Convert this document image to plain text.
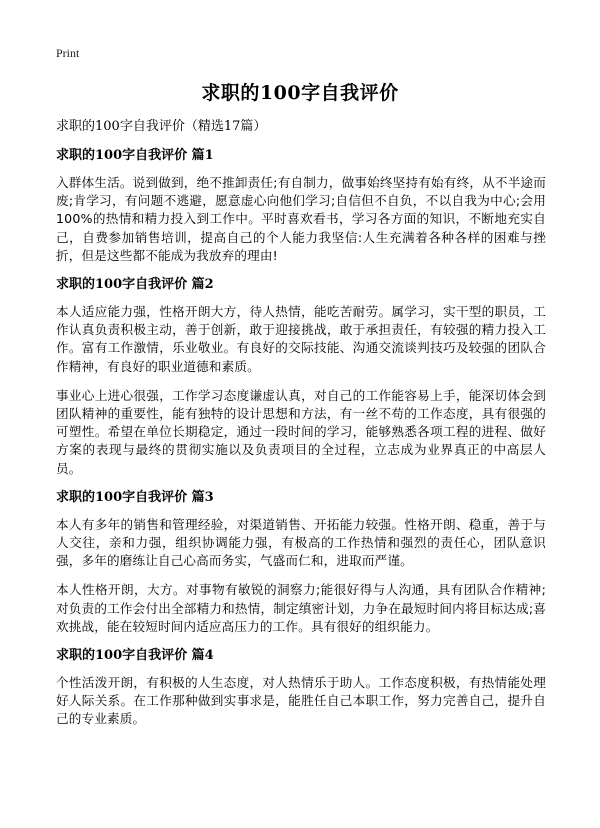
Print
求职的100字自我评价
求职的100字自我评价（精选17篇）
求职的100字自我评价 篇1

入群体生活。说到做到，绝不推卸责任;有自制力，做事始终坚持有始有终，从不半途而废;肯学习，有问题不逃避，愿意虚心向他们学习;自信但不自负，不以自我为中心;会用100%的热情和精力投入到工作中。平时喜欢看书，学习各方面的知识，不断地充实自己，自费参加销售培训，提高自己的个人能力我坚信:人生充满着各种各样的困难与挫折，但是这些都不能成为我放弃的理由!

求职的100字自我评价 篇2

本人适应能力强，性格开朗大方，待人热情，能吃苦耐劳。属学习，实干型的职员，工作认真负责积极主动，善于创新，敢于迎接挑战，敢于承担责任，有较强的精力投入工作。富有工作激情，乐业敬业。有良好的交际技能、沟通交流谈判技巧及较强的团队合作精神，有良好的职业道德和素质。

事业心上进心很强，工作学习态度谦虚认真，对自己的工作能容易上手，能深切体会到团队精神的重要性，能有独特的设计思想和方法，有一丝不苟的工作态度，具有很强的可塑性。希望在单位长期稳定，通过一段时间的学习，能够熟悉各项工程的进程、做好方案的表现与最终的贯彻实施以及负责项目的全过程，立志成为业界真正的中高层人员。

求职的100字自我评价 篇3

本人有多年的销售和管理经验，对渠道销售、开拓能力较强。性格开朗、稳重，善于与人交往，亲和力强，组织协调能力强，有极高的工作热情和强烈的责任心，团队意识强，多年的磨练让自己心高而务实，气盛而仁和，进取而严谨。

本人性格开朗，大方。对事物有敏锐的洞察力;能很好得与人沟通，具有团队合作精神;对负责的工作会付出全部精力和热情，制定缜密计划，力争在最短时间内将目标达成;喜欢挑战，能在较短时间内适应高压力的工作。具有很好的组织能力。

求职的100字自我评价 篇4

个性活泼开朗，有积极的人生态度，对人热情乐于助人。工作态度积极，有热情能处理好人际关系。在工作那种做到实事求是，能胜任自己本职工作，努力完善自己，提升自己的专业素质。
